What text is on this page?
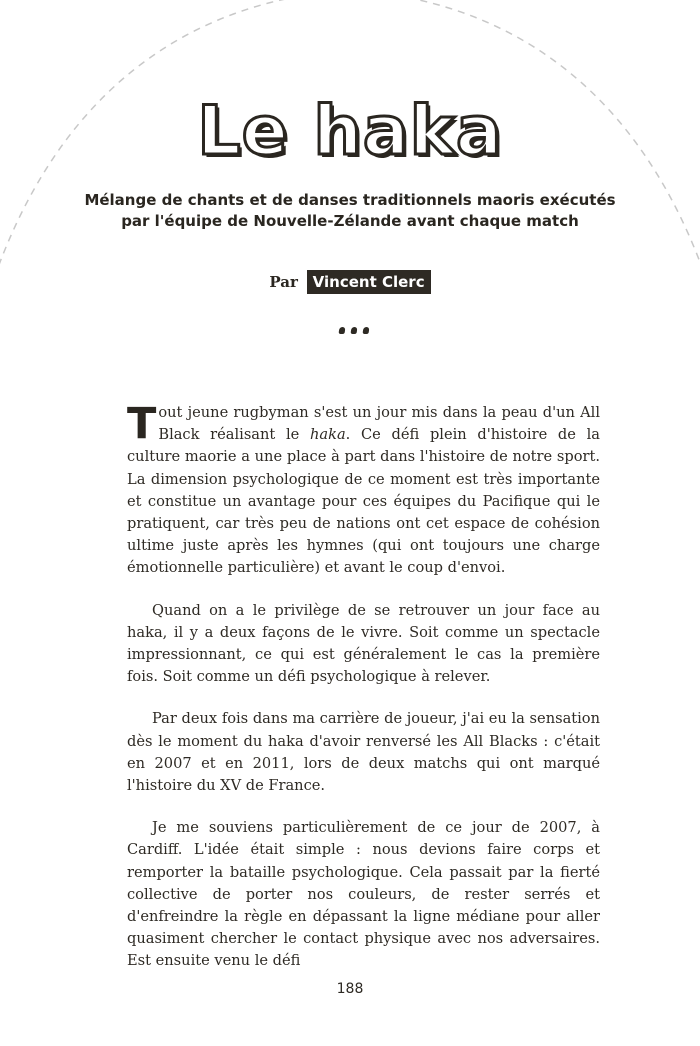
Le haka
Mélange de chants et de danses traditionnels maoris exécutés
par l'équipe de Nouvelle-Zélande avant chaque match
Par Vincent Clerc

Tout jeune rugbyman s'est un jour mis dans la peau d'un All Black réalisant le haka. Ce défi plein d'histoire de la culture maorie a une place à part dans l'histoire de notre sport. La dimension psychologique de ce moment est très importante et constitue un avantage pour ces équipes du Pacifique qui le pratiquent, car très peu de nations ont cet espace de cohésion ultime juste après les hymnes (qui ont toujours une charge émotionnelle particulière) et avant le coup d'envoi.

Quand on a le privilège de se retrouver un jour face au haka, il y a deux façons de le vivre. Soit comme un spectacle impressionnant, ce qui est généralement le cas la première fois. Soit comme un défi psychologique à relever.

Par deux fois dans ma carrière de joueur, j'ai eu la sensation dès le moment du haka d'avoir renversé les All Blacks : c'était en 2007 et en 2011, lors de deux matchs qui ont marqué l'histoire du XV de France.

Je me souviens particulièrement de ce jour de 2007, à Cardiff. L'idée était simple : nous devions faire corps et remporter la bataille psychologique. Cela passait par la fierté collective de porter nos couleurs, de rester serrés et d'enfreindre la règle en dépassant la ligne médiane pour aller quasiment chercher le contact physique avec nos adversaires. Est ensuite venu le défi

188
